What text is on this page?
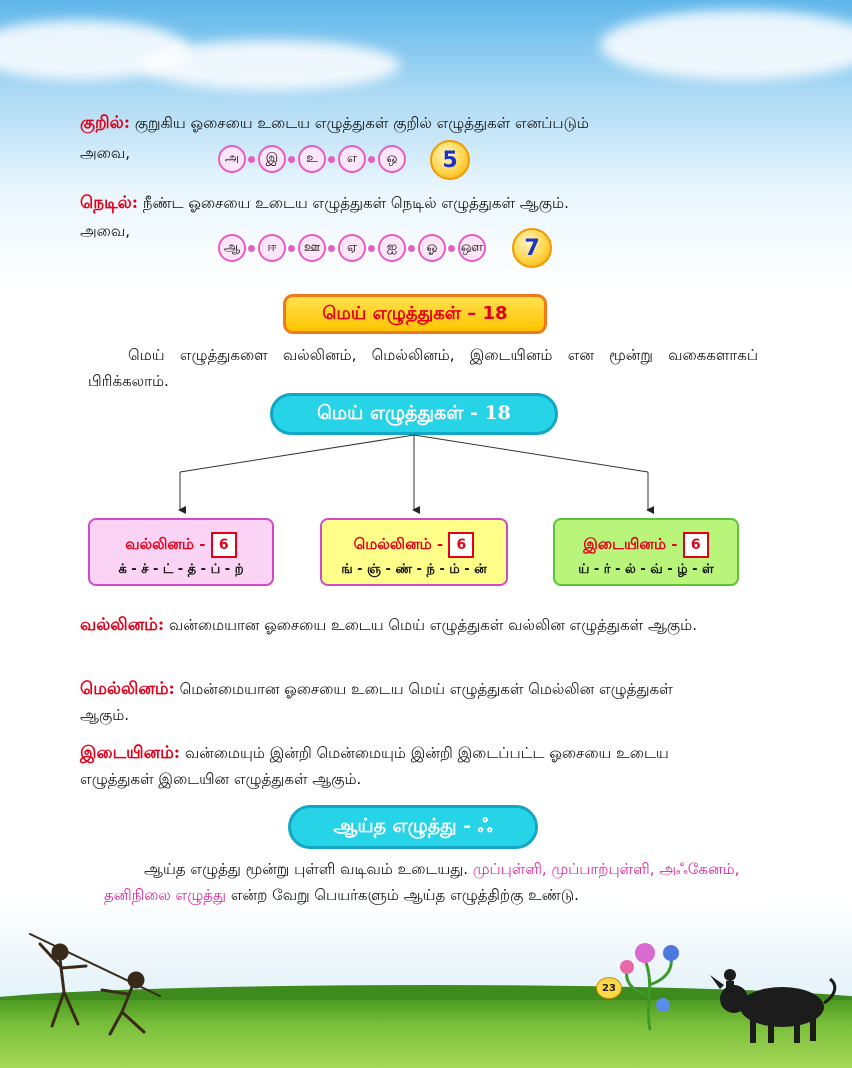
குறில்: குறுகிய ஓசையை உடைய எழுத்துகள் குறில் எழுத்துகள் எனப்படும்

அவை,	அ	இ	உ	எ	ஒ	5

நெடில்: நீண்ட ஓசையை உடைய எழுத்துகள் நெடில் எழுத்துகள் ஆகும்.

அவை,

ஆ	ஈ	ஊ	ஏ	ஐ	ஓ	ஔ	7
மெய் எழுத்துகள் – 18

மெய் எழுத்துகளை வல்லினம், மெல்லினம், இடையினம் என மூன்று வகைகளாகப் பிரிக்கலாம்.

மெய் எழுத்துகள் - 18
வல்லினம் - 6
க் - ச் - ட் - த் - ப் - ற்
மெல்லினம் - 6
ங் - ஞ் - ண் - ந் - ம் - ன்
இடையினம் - 6
ய் - ர் - ல் - வ் - ழ் - ள்

வல்லினம்: வன்மையான ஓசையை உடைய மெய் எழுத்துகள் வல்லின எழுத்துகள் ஆகும்.

மெல்லினம்: மென்மையான ஓசையை உடைய மெய் எழுத்துகள் மெல்லின எழுத்துகள் ஆகும்.

இடையினம்: வன்மையும் இன்றி மென்மையும் இன்றி இடைப்பட்ட ஓசையை உடைய எழுத்துகள் இடையின எழுத்துகள் ஆகும்.

ஆய்த எழுத்து - ஃ

ஆய்த எழுத்து மூன்று புள்ளி வடிவம் உடையது. முப்புள்ளி, முப்பாற்புள்ளி, அஃகேனம், தனிநிலை எழுத்து என்ற வேறு பெயர்களும் ஆய்த எழுத்திற்கு உண்டு.

23
